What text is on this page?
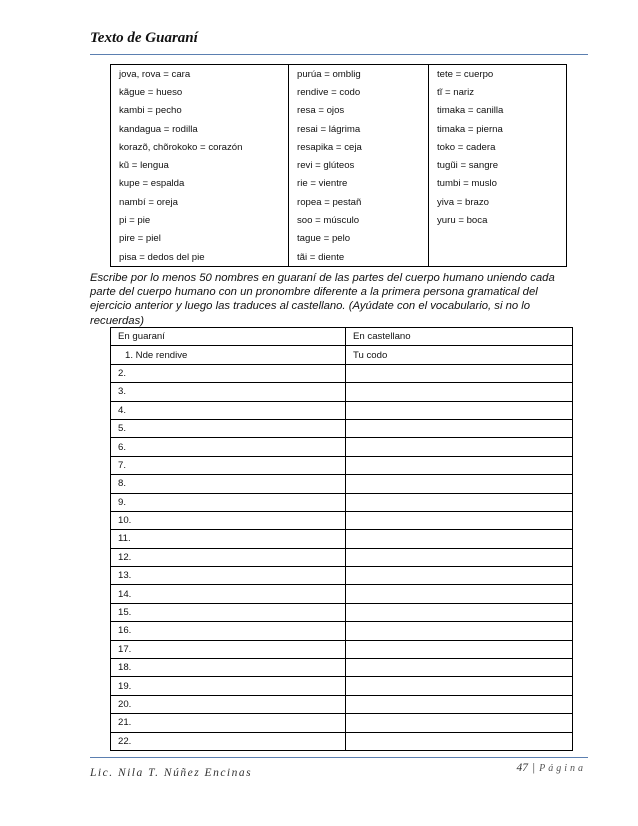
Texto de Guaraní
jova, rova = cara	purúa = omblig	tete = cuerpo
kãgue = hueso	rendive = codo	tĩ = nariz
kambi = pecho	resa = ojos	timaka = canilla
kandagua = rodilla	resai = lágrima	timaka = pierna
korazõ, chõrokoko = corazón	resapika = ceja	toko = cadera
kũ = lengua	revi = glúteos	tugũi = sangre
kupe = espalda	rie = vientre	tumbi = muslo
nambí = oreja	ropea = pestañ	yiva = brazo
pi = pie	soo = músculo	yuru = boca
pire = piel	tague = pelo	
pisa = dedos del pie	tãi = diente	
Escribe por lo menos 50 nombres en guaraní de las partes del cuerpo humano uniendo cada parte del cuerpo humano con un pronombre diferente a la primera persona gramatical del ejercicio anterior y luego las traduces al castellano. (Ayúdate con el vocabulario, si no lo recuerdas)
En guaraní	En castellano
1. Nde rendive	Tu codo
2.	
3.	
4.	
5.	
6.	
7.	
8.	
9.	
10.	
11.	
12.	
13.	
14.	
15.	
16.	
17.	
18.	
19.	
20.	
21.	
22.	
Lic. Nila T. Núñez Encinas	47 | Página
